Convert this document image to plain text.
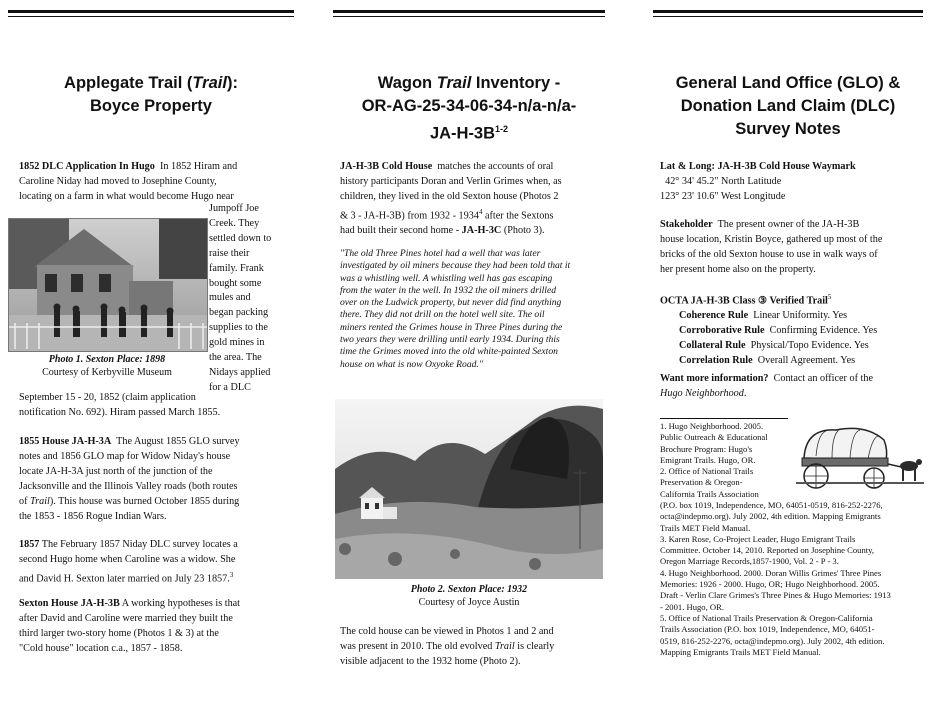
Applegate Trail (Trail):
Boyce Property
1852 DLC Application In Hugo In 1852 Hiram and
Caroline Niday had moved to Josephine County,
locating on a farm in what would become Hugo near
Jumpoff Joe
Creek. They
settled down to
raise their
family. Frank
bought some
mules and
began packing
supplies to the
gold mines in
the area. The
Nidays applied
for a DLC
Photo 1. Sexton Place: 1898
Courtesy of Kerbyville Museum
September 15 - 20, 1852 (claim application
notification No. 692). Hiram passed March 1855.
1855 House JA-H-3A The August 1855 GLO survey
notes and 1856 GLO map for Widow Niday's house
locate JA-H-3A just north of the junction of the
Jacksonville and the Illinois Valley roads (both routes
of Trail). This house was burned October 1855 during
the 1853 - 1856 Rogue Indian Wars.
1857 The February 1857 Niday DLC survey locates a
second Hugo home when Caroline was a widow. She
and David H. Sexton later married on July 23 1857.$^3$
Sexton House JA-H-3B A working hypotheses is that
after David and Caroline were married they built the
third larger two-story home (Photos 1 & 3) at the
"Cold house" location c.a., 1857 - 1858.
Wagon Trail Inventory -
OR-AG-25-34-06-34-n/a-n/a-
$JA-H-3B^{1-2}$
JA-H-3B Cold House matches the accounts of oral
history participants Doran and Verlin Grimes when, as
children, they lived in the old Sexton house (Photos 2
& 3 - JA-H-3B) from 1932 - 1934$^4$ after the Sextons
had built their second home - JA-H-3C (Photo 3).
"The old Three Pines hotel had a well that was later
investigated by oil miners because they had been told that it
was a whistling well. A whistling well has gas escaping
from the water in the well. In 1932 the oil miners drilled
over on the Ludwick property, but never did find anything
there. They did not drill on the hotel well site. The oil
miners rented the Grimes house in Three Pines during the
two years they were drilling until early 1934. During this
time the Grimes moved into the old white-painted Sexton
house on what is now Oxyoke Road."
Photo 2. Sexton Place: 1932
Courtesy of Joyce Austin
The cold house can be viewed in Photos 1 and 2 and
was present in 2010. The old evolved Trail is clearly
visible adjacent to the 1932 home (Photo 2).
General Land Office (GLO) &
Donation Land Claim (DLC)
Survey Notes
Lat & Long: JA-H-3B Cold House Waymark
42° 34' 45.2" North Latitude
123° 23' 10.6" West Longitude
Stakeholder The present owner of the JA-H-3B
house location, Kristin Boyce, gathered up most of the
bricks of the old Sexton house to use in walk ways of
her present home also on the property.
OCTA JA-H-3B Class ③ Verified Trail$^5$

Coherence Rule Linear Uniformity. Yes
Corroborative Rule Confirming Evidence. Yes
Collateral Rule Physical/Topo Evidence. Yes
Correlation Rule Overall Agreement. Yes
Want more information? Contact an officer of the
Hugo Neighborhood.
1. Hugo Neighborhood. 2005.
Public Outreach & Educational
Brochure Program: Hugo's
Emigrant Trails. Hugo, OR.
2. Office of National Trails
Preservation & Oregon-
California Trails Association
(P.O. box 1019, Independence, MO, 64051-0519, 816-252-2276,
octa@indepmo.org). July 2002, 4th edition. Mapping Emigrants
Trails MET Field Manual.
3. Karen Rose, Co-Project Leader, Hugo Emigrant Trails
Committee. October 14, 2010. Reported on Josephine County,
Oregon Marriage Records,1857-1900, Vol. 2 - P - 3.
4. Hugo Neighborhood. 2000. Doran Willis Grimes' Three Pines
Memories: 1926 - 2000. Hugo, OR; Hugo Neighborhood. 2005.
Draft - Verlin Clare Grimes's Three Pines & Hugo Memories: 1913
- 2001. Hugo, OR.
5. Office of National Trails Preservation & Oregon-California
Trails Association (P.O. box 1019, Independence, MO, 64051-
0519, 816-252-2276, octa@indepmo.org). July 2002, 4th edition.
Mapping Emigrants Trails MET Field Manual.
